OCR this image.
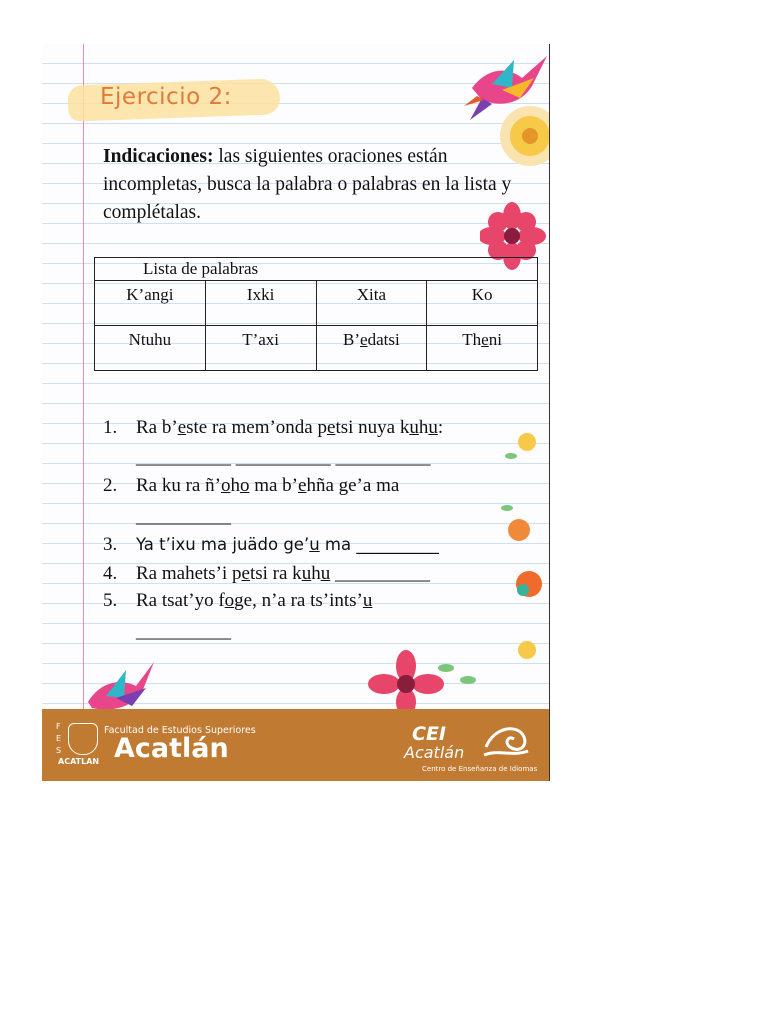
Ejercicio 2:
Indicaciones: las siguientes oraciones están incompletas, busca la palabra o palabras en la lista y complétalas.
Lista de palabras			
K’angi	Ixki	Xita	Ko
Ntuhu	T’axi	B’edatsi	Theni
1. Ra b’este ra mem’onda petsi nuya kuhu:
__________ __________ __________
2. Ra ku ra ñ’oho ma b’ehña ge’a ma
__________
3. Ya t’ixu ma juädo ge’u ma __________
4. Ra mahets’i petsi ra kuhu __________
5. Ra tsat’yo foge, n’a ra ts’ints’u
__________
F
E
S
ACATLAN
Facultad de Estudios Superiores
Acatlán	CEI
Acatlán
Centro de Enseñanza de Idiomas
